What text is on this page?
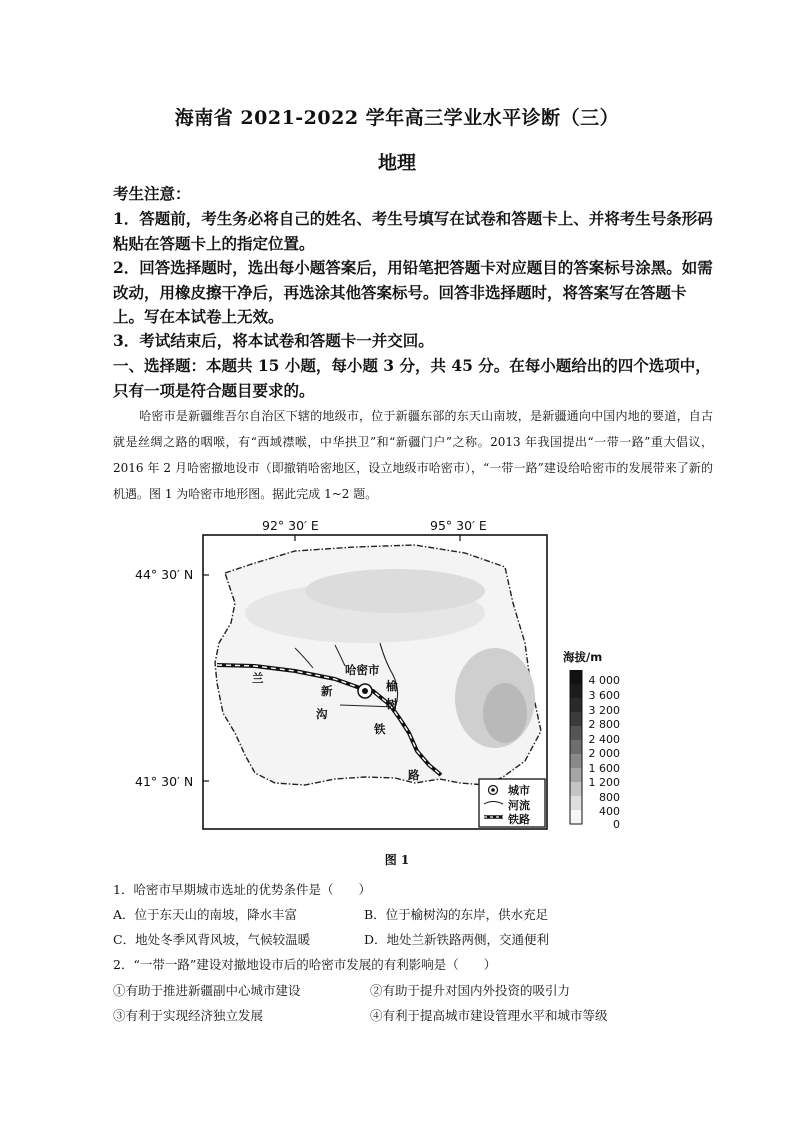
海南省 2021-2022 学年高三学业水平诊断（三）
地理
考生注意：
1．答题前，考生务必将自己的姓名、考生号填写在试卷和答题卡上、并将考生号条形码粘贴在答题卡上的指定位置。
2．回答选择题时，选出每小题答案后，用铅笔把答题卡对应题目的答案标号涂黑。如需改动，用橡皮擦干净后，再选涂其他答案标号。回答非选择题时，将答案写在答题卡上。写在本试卷上无效。
3．考试结束后，将本试卷和答题卡一并交回。
一、选择题：本题共 15 小题，每小题 3 分，共 45 分。在每小题给出的四个选项中，只有一项是符合题目要求的。
哈密市是新疆维吾尔自治区下辖的地级市，位于新疆东部的东天山南坡，是新疆通向中国内地的要道，自古就是丝绸之路的咽喉，有“西域襟喉，中华拱卫”和“新疆门户”之称。2013 年我国提出“一带一路”重大倡议，2016 年 2 月哈密撤地设市（即撤销哈密地区，设立地级市哈密市），“一带一路”建设给哈密市的发展带来了新的机遇。图 1 为哈密市地形图。据此完成 1~2 题。
92° 30′ E	95° 30′ E
44° 30′ N
41° 30′ N
哈密市
榆
树
沟
兰
新
铁
路
城市
河流
铁路
海拔/m
4 000
3 600
3 200
2 800
2 400
2 000
1 600
1 200
800
400
0
图 1
1．哈密市早期城市选址的优势条件是（　　）
A．位于东天山的南坡，降水丰富	B．位于榆树沟的东岸，供水充足
C．地处冬季风背风坡，气候较温暖	D．地处兰新铁路两侧，交通便利
2．“一带一路”建设对撤地设市后的哈密市发展的有利影响是（　　）
①有助于推进新疆副中心城市建设	②有助于提升对国内外投资的吸引力
③有利于实现经济独立发展	④有利于提高城市建设管理水平和城市等级
